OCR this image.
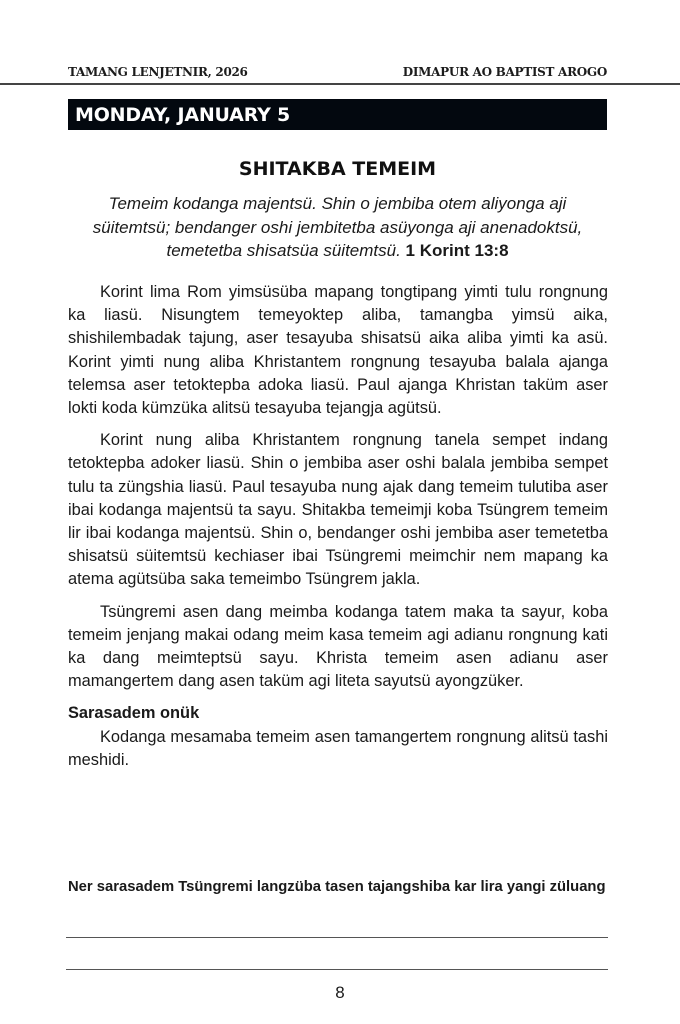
TAMANG LENJETNIR, 2026	DIMAPUR AO BAPTIST AROGO
MONDAY, JANUARY 5
SHITAKBA TEMEIM
Temeim kodanga majentsü. Shin o jembiba otem aliyonga aji süitemtsü; bendanger oshi jembitetba asüyonga aji anenadoktsü, temetetba shisatsüa süitemtsü. 1 Korint 13:8

Korint lima Rom yimsüsüba mapang tongtipang yimti tulu rongnung ka liasü. Nisungtem temeyoktep aliba, tamangba yimsü aika, shishilembadak tajung, aser tesayuba shisatsü aika aliba yimti ka asü. Korint yimti nung aliba Khristantem rongnung tesayuba balala ajanga telemsa aser tetoktepba adoka liasü. Paul ajanga Khristan taküm aser lokti koda kümzüka alitsü tesayuba tejangja agütsü.

Korint nung aliba Khristantem rongnung tanela sempet indang tetoktepba adoker liasü. Shin o jembiba aser oshi balala jembiba sempet tulu ta züngshia liasü. Paul tesayuba nung ajak dang temeim tulutiba aser ibai kodanga majentsü ta sayu. Shitakba temeimji koba Tsüngrem temeim lir ibai kodanga majentsü. Shin o, bendanger oshi jembiba aser temetetba shisatsü süitemtsü kechiaser ibai Tsüngremi meimchir nem mapang ka atema agütsüba saka temeimbo Tsüngrem jakla.

Tsüngremi asen dang meimba kodanga tatem maka ta sayur, koba temeim jenjang makai odang meim kasa temeim agi adianu rongnung kati ka dang meimteptsü sayu. Khrista temeim asen adianu aser mamangertem dang asen taküm agi liteta sayutsü ayongzüker.

Sarasadem onük

Kodanga mesamaba temeim asen tamangertem rongnung alitsü tashi meshidi.

Ner sarasadem Tsüngremi langzüba tasen tajangshiba kar lira yangi züluang
8
